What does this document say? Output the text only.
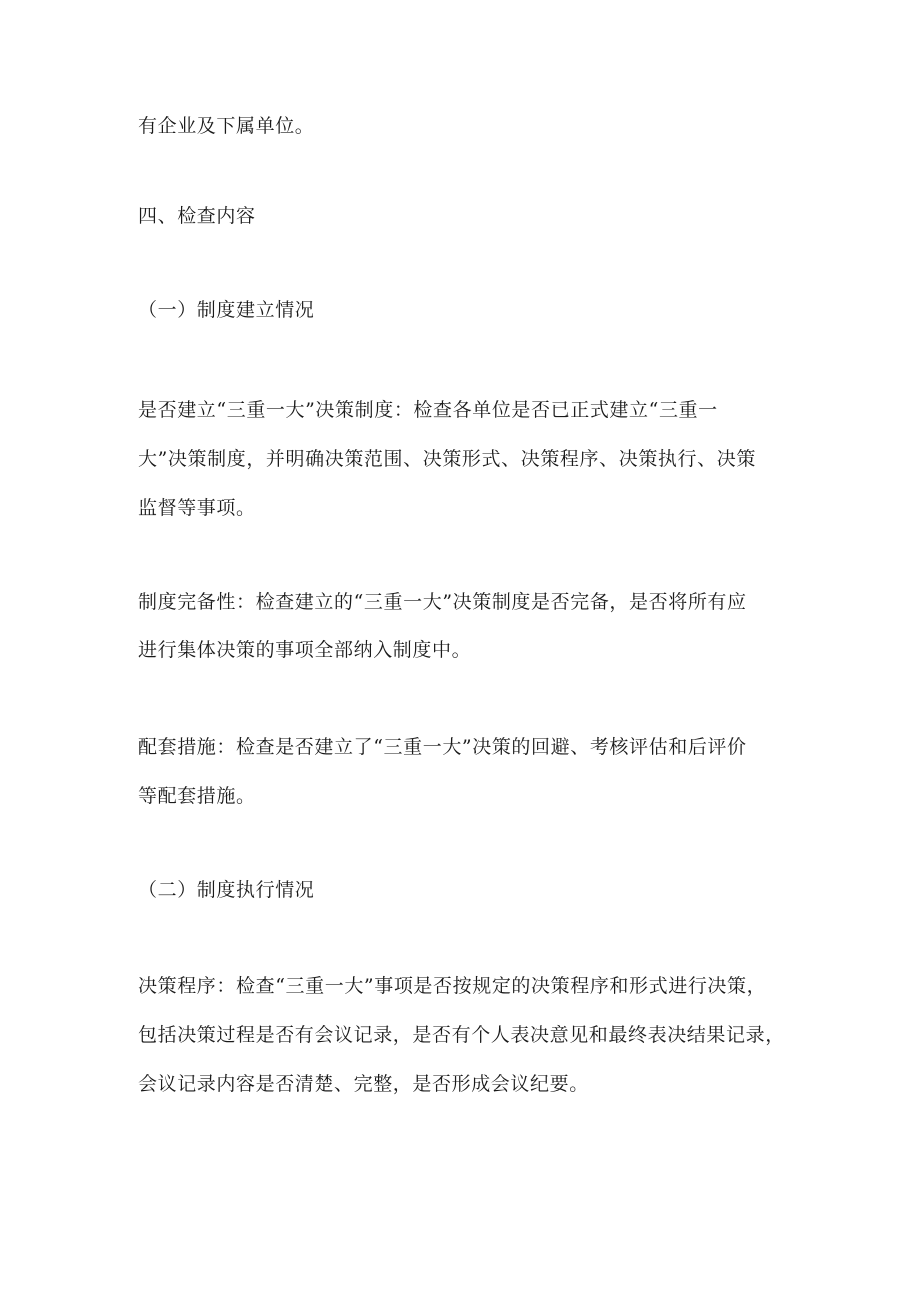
有企业及下属单位。
四、检查内容
（一）制度建立情况
是否建立“三重一大”决策制度：检查各单位是否已正式建立“三重一
大”决策制度，并明确决策范围、决策形式、决策程序、决策执行、决策
监督等事项。
制度完备性：检查建立的“三重一大”决策制度是否完备，是否将所有应
进行集体决策的事项全部纳入制度中。
配套措施：检查是否建立了“三重一大”决策的回避、考核评估和后评价
等配套措施。
（二）制度执行情况
决策程序：检查“三重一大”事项是否按规定的决策程序和形式进行决策，
包括决策过程是否有会议记录，是否有个人表决意见和最终表决结果记录，
会议记录内容是否清楚、完整，是否形成会议纪要。
